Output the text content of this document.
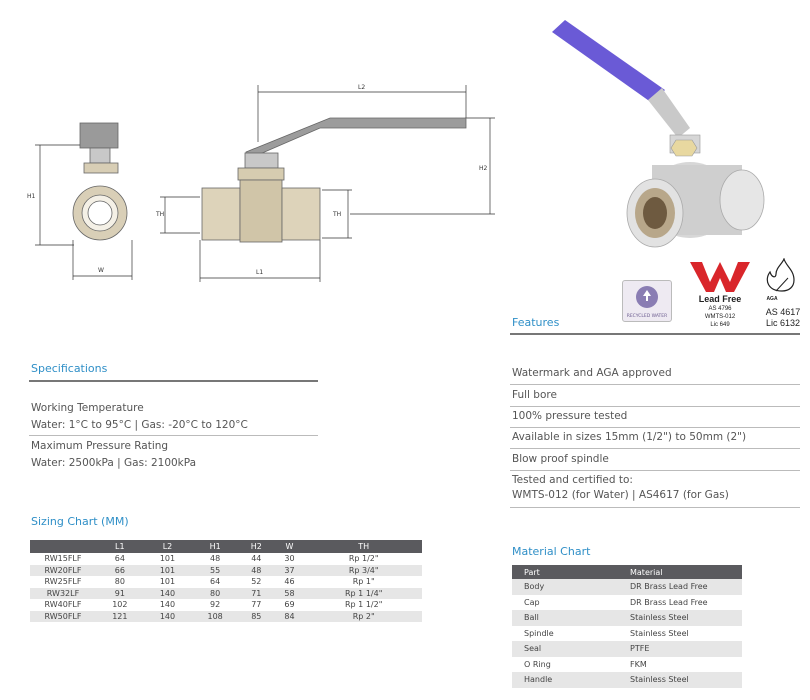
L2
H1
H2
TH	TH
W	L1
RECYCLED WATER
Lead Free
AS 4796
WMTS-012
Lic 649
AGA
AS 4617
Lic 6132
Features
Watermark and AGA approved
Full bore
100% pressure tested
Available in sizes 15mm (1/2") to 50mm (2")
Blow proof spindle
Tested and certified to:
WMTS-012 (for Water) | AS4617 (for Gas)
Specifications
Working Temperature
Water: 1°C to 95°C | Gas: -20°C to 120°C
Maximum Pressure Rating
Water: 2500kPa | Gas: 2100kPa
Sizing Chart (MM)
	L1	L2	H1	H2	W	TH
RW15FLF	64	101	48	44	30	Rp 1/2"
RW20FLF	66	101	55	48	37	Rp 3/4"
RW25FLF	80	101	64	52	46	Rp 1"
RW32LF	91	140	80	71	58	Rp 1 1/4"
RW40FLF	102	140	92	77	69	Rp 1 1/2"
RW50FLF	121	140	108	85	84	Rp 2"
Material Chart
Part	Material
Body	DR Brass Lead Free
Cap	DR Brass Lead Free
Ball	Stainless Steel
Spindle	Stainless Steel
Seal	PTFE
O Ring	FKM
Handle	Stainless Steel
